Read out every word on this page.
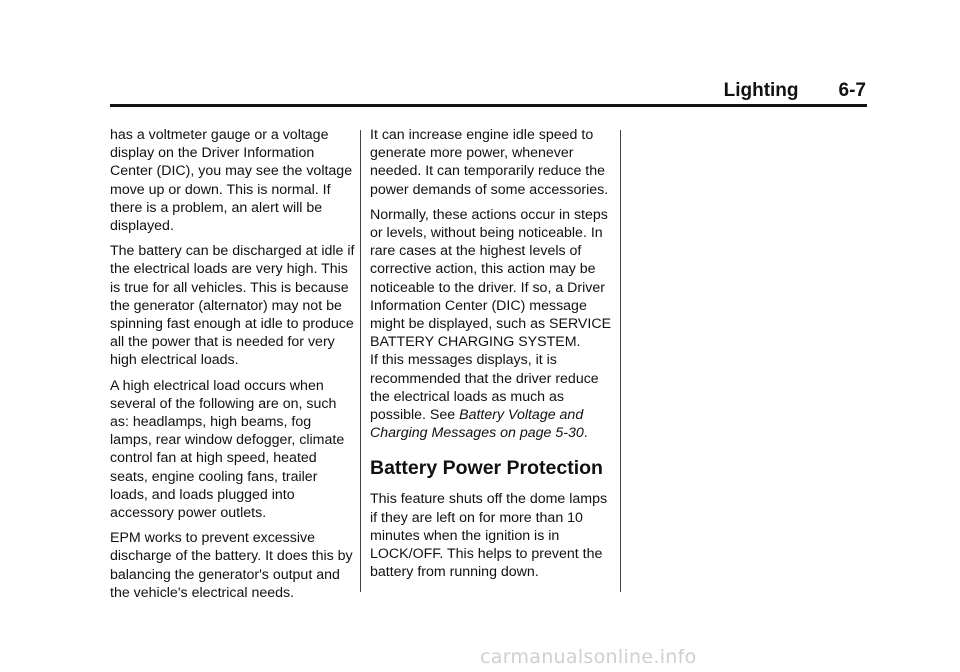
Lighting 6-7

has a voltmeter gauge or a voltage display on the Driver Information Center (DIC), you may see the voltage move up or down. This is normal. If there is a problem, an alert will be displayed.

The battery can be discharged at idle if the electrical loads are very high. This is true for all vehicles. This is because the generator (alternator) may not be spinning fast enough at idle to produce all the power that is needed for very high electrical loads.

A high electrical load occurs when several of the following are on, such as: headlamps, high beams, fog lamps, rear window defogger, climate control fan at high speed, heated seats, engine cooling fans, trailer loads, and loads plugged into accessory power outlets.

EPM works to prevent excessive discharge of the battery. It does this by balancing the generator's output and the vehicle's electrical needs.

It can increase engine idle speed to generate more power, whenever needed. It can temporarily reduce the power demands of some accessories.

Normally, these actions occur in steps or levels, without being noticeable. In rare cases at the highest levels of corrective action, this action may be noticeable to the driver. If so, a Driver Information Center (DIC) message might be displayed, such as SERVICE BATTERY CHARGING SYSTEM.

If this messages displays, it is recommended that the driver reduce the electrical loads as much as possible. See Battery Voltage and Charging Messages on page 5-30.

Battery Power Protection

This feature shuts off the dome lamps if they are left on for more than 10 minutes when the ignition is in LOCK/OFF. This helps to prevent the battery from running down.

carmanualsonline.info
